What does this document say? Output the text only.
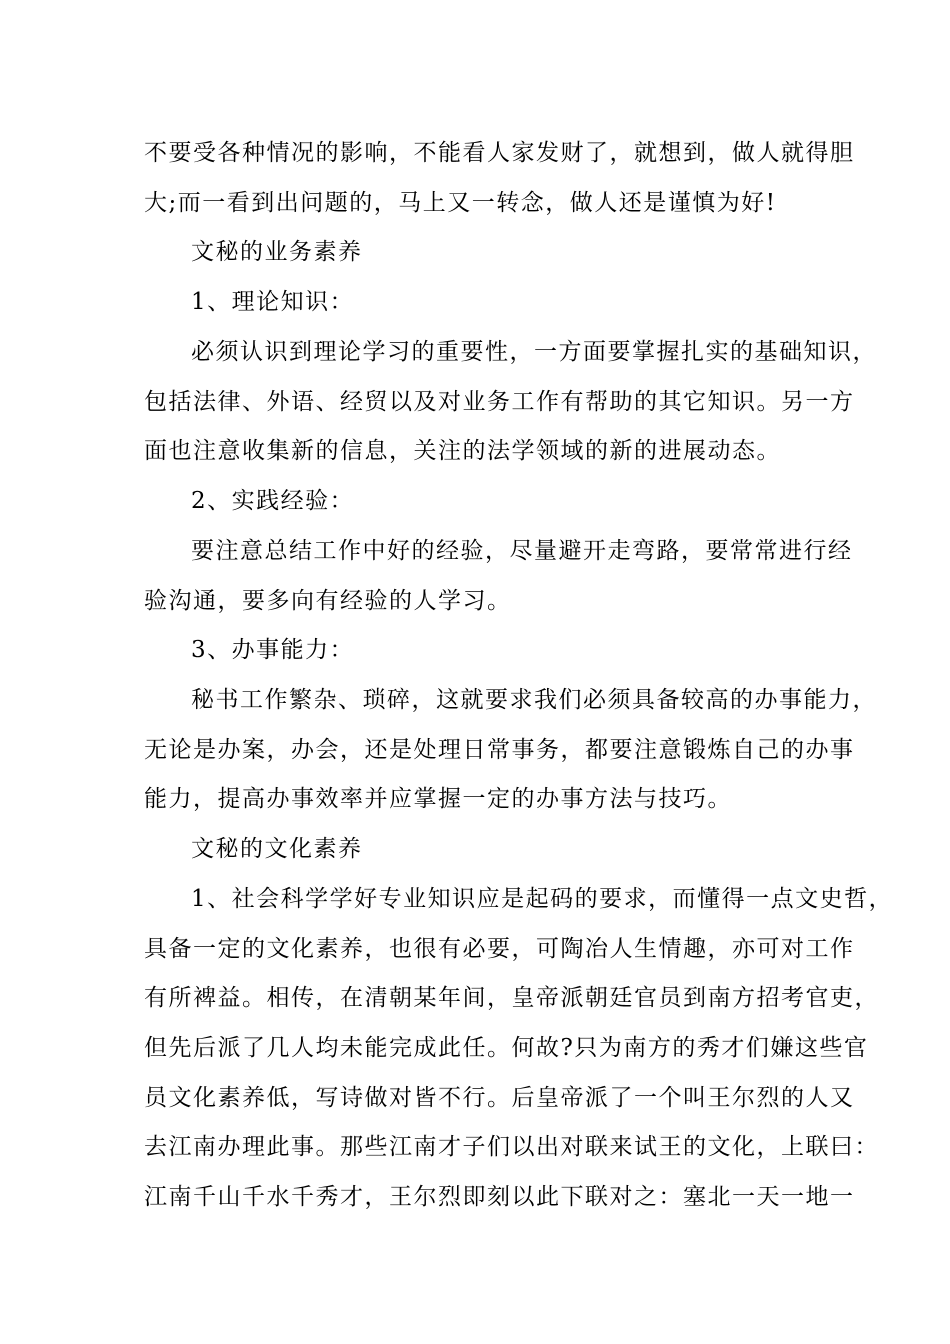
不要受各种情况的影响，不能看人家发财了，就想到，做人就得胆
大;而一看到出问题的，马上又一转念，做人还是谨慎为好!
文秘的业务素养
1、理论知识：
必须认识到理论学习的重要性，一方面要掌握扎实的基础知识，
包括法律、外语、经贸以及对业务工作有帮助的其它知识。另一方
面也注意收集新的信息，关注的法学领域的新的进展动态。
2、实践经验：
要注意总结工作中好的经验，尽量避开走弯路，要常常进行经
验沟通，要多向有经验的人学习。
3、办事能力：
秘书工作繁杂、琐碎，这就要求我们必须具备较高的办事能力，
无论是办案，办会，还是处理日常事务，都要注意锻炼自己的办事
能力，提高办事效率并应掌握一定的办事方法与技巧。
文秘的文化素养
1、社会科学学好专业知识应是起码的要求，而懂得一点文史哲，
具备一定的文化素养，也很有必要，可陶冶人生情趣，亦可对工作
有所裨益。相传，在清朝某年间，皇帝派朝廷官员到南方招考官吏，
但先后派了几人均未能完成此任。何故?只为南方的秀才们嫌这些官
员文化素养低，写诗做对皆不行。后皇帝派了一个叫王尔烈的人又
去江南办理此事。那些江南才子们以出对联来试王的文化，上联曰：
江南千山千水千秀才，王尔烈即刻以此下联对之：塞北一天一地一
